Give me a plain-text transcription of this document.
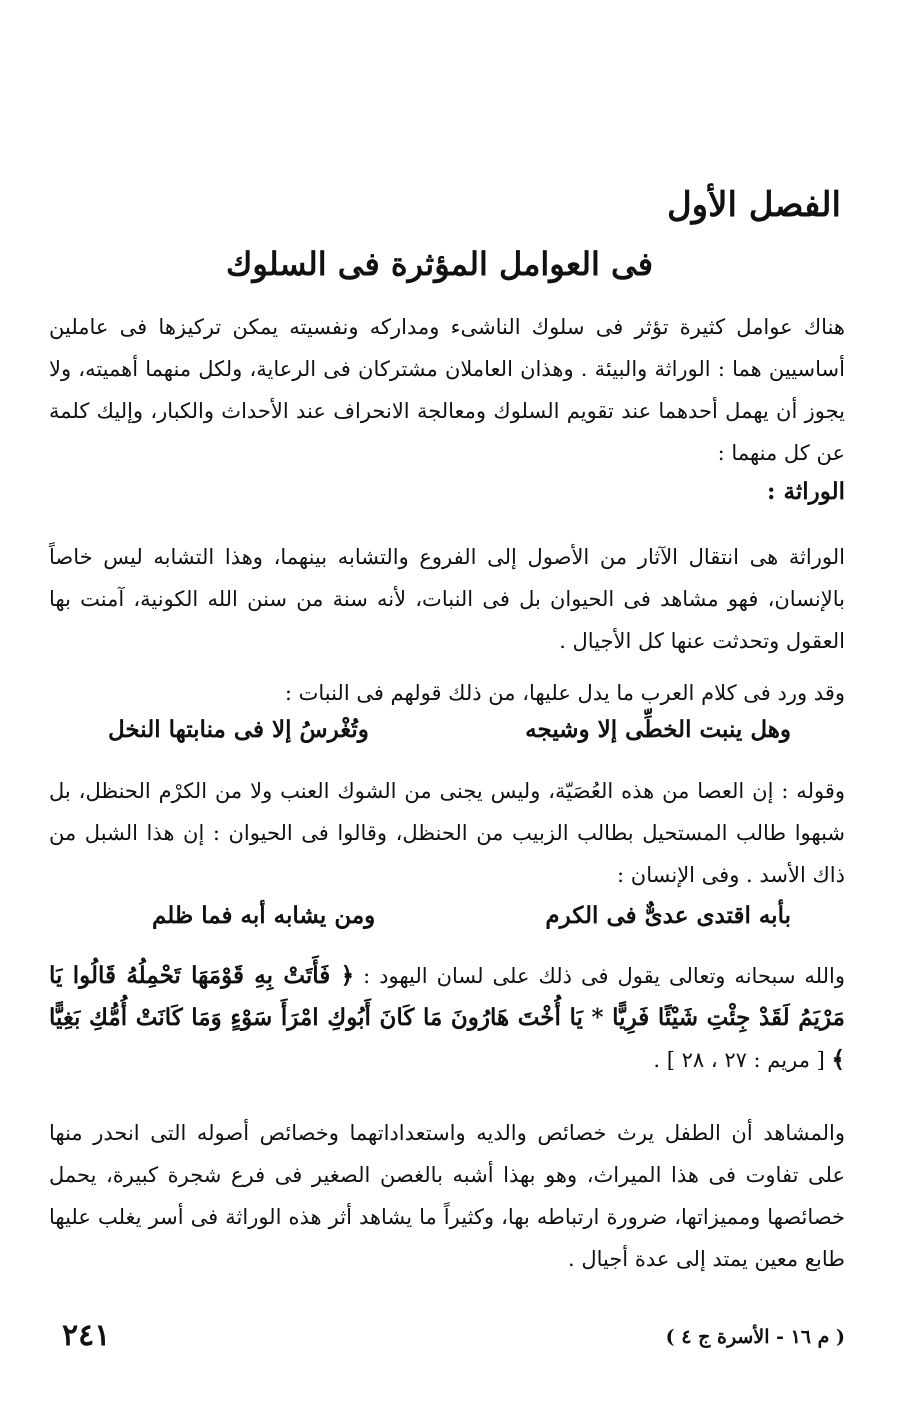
الفصل الأول
فى العوامل المؤثرة فى السلوك

هناك عوامل كثيرة تؤثر فى سلوك الناشىء ومداركه ونفسيته يمكن تركيزها فى عاملين أساسيين هما : الوراثة والبيئة . وهذان العاملان مشتركان فى الرعاية، ولكل منهما أهميته، ولا يجوز أن يهمل أحدهما عند تقويم السلوك ومعالجة الانحراف عند الأحداث والكبار، وإليك كلمة عن كل منهما :

الوراثة :

الوراثة هى انتقال الآثار من الأصول إلى الفروع والتشابه بينهما، وهذا التشابه ليس خاصاً بالإنسان، فهو مشاهد فى الحيوان بل فى النبات، لأنه سنة من سنن الله الكونية، آمنت بها العقول وتحدثت عنها كل الأجيال .

وقد ورد فى كلام العرب ما يدل عليها، من ذلك قولهم فى النبات :

وهل ينبت الخطِّى إلا وشيجه

وتُغْرسُ إلا فى منابتها النخل

وقوله : إن العصا من هذه العُصَيّة، وليس يجنى من الشوك العنب ولا من الكرْم الحنظل، بل شبهوا طالب المستحيل بطالب الزبيب من الحنظل، وقالوا فى الحيوان : إن هذا الشبل من ذاك الأسد . وفى الإنسان :

بأبه اقتدى عدىٌّ فى الكرم

ومن يشابه أبه فما ظلم

والله سبحانه وتعالى يقول فى ذلك على لسان اليهود : ﴿ فَأَتَتْ بِهِ قَوْمَهَا تَحْمِلُهُ قَالُوا يَا مَرْيَمُ لَقَدْ جِئْتِ شَيْئًا فَرِيًّا * يَا أُخْتَ هَارُونَ مَا كَانَ أَبُوكِ امْرَأَ سَوْءٍ وَمَا كَانَتْ أُمُّكِ بَغِيًّا ﴾ [ مريم : ٢٧ ، ٢٨ ] .

والمشاهد أن الطفل يرث خصائص والديه واستعداداتهما وخصائص أصوله التى انحدر منها على تفاوت فى هذا الميراث، وهو بهذا أشبه بالغصن الصغير فى فرع شجرة كبيرة، يحمل خصائصها ومميزاتها، ضرورة ارتباطه بها، وكثيراً ما يشاهد أثر هذه الوراثة فى أسر يغلب عليها طابع معين يمتد إلى عدة أجيال .

٢٤١	( م ١٦ - الأسرة ج ٤ )
